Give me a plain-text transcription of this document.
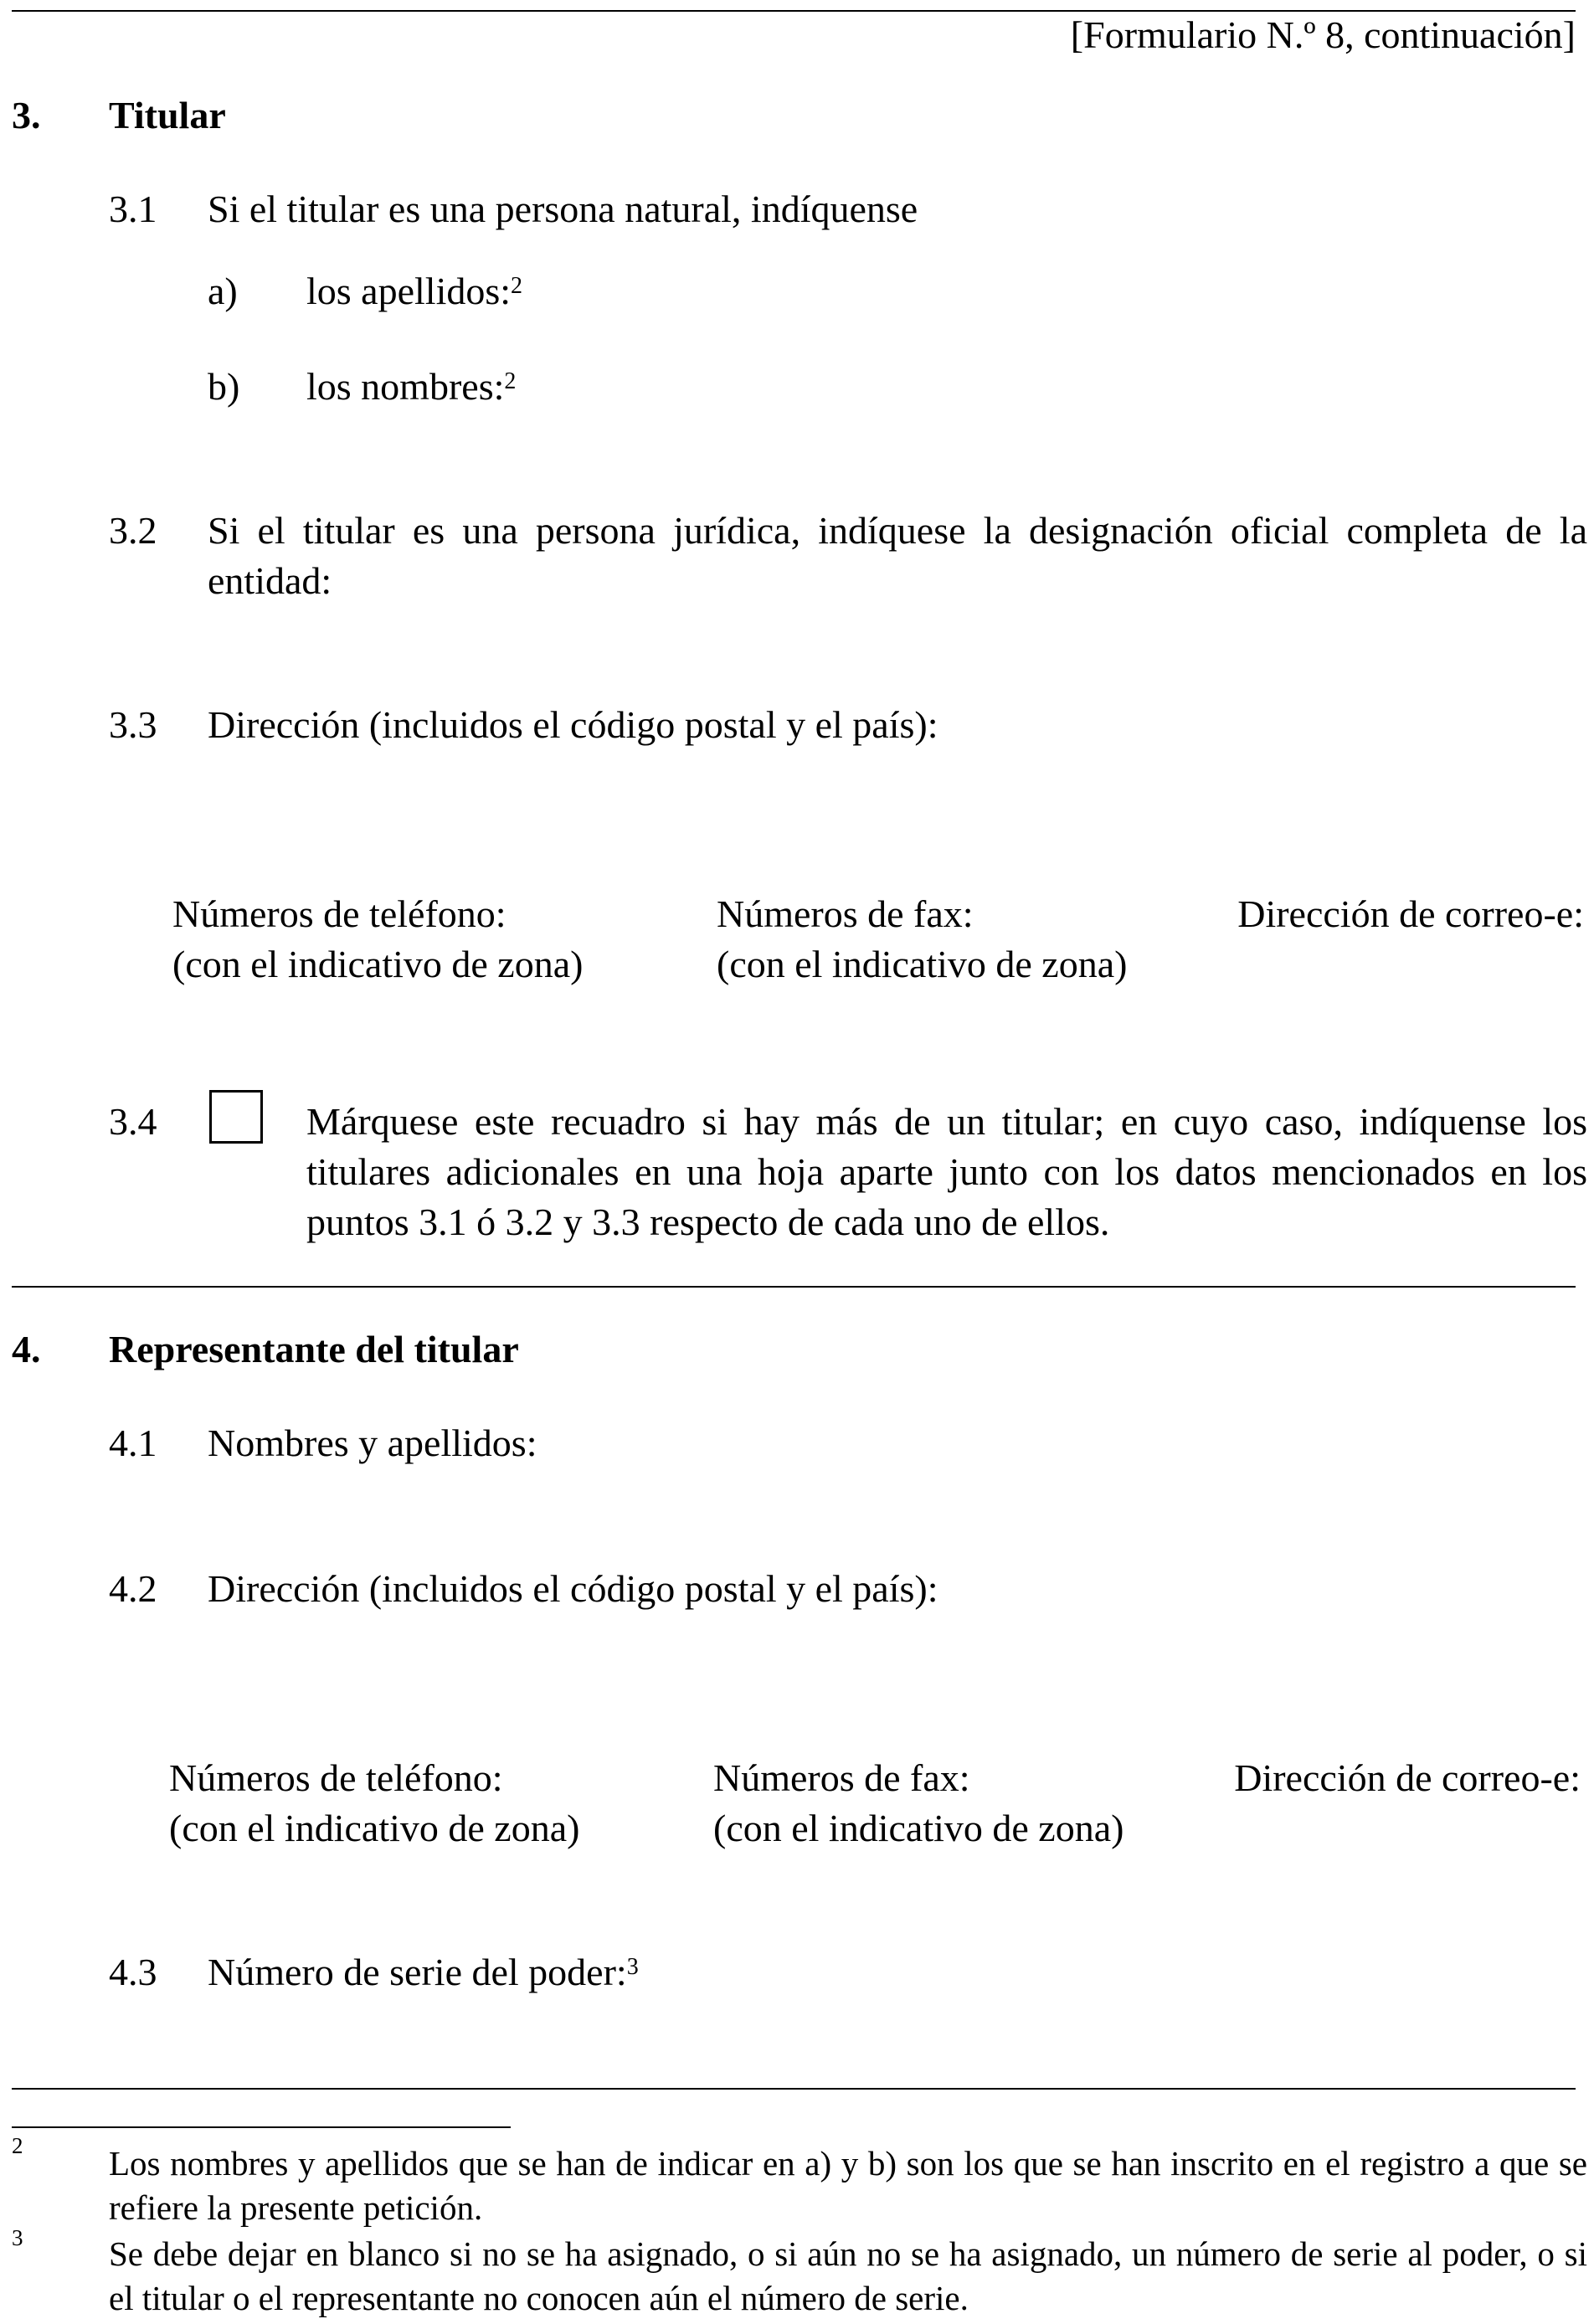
[Formulario N.º 8, continuación]
3. Titular
3.1 Si el titular es una persona natural, indíquense
a) los apellidos:$^2$
b) los nombres:$^2$
3.2 Si el titular es una persona jurídica, indíquese la designación oficial completa de la entidad:
3.3 Dirección (incluidos el código postal y el país):
Números de teléfono:
(con el indicativo de zona)
Números de fax:
(con el indicativo de zona)
Dirección de correo-e:
3.4	Márquese este recuadro si hay más de un titular; en cuyo caso, indíquense los titulares adicionales en una hoja aparte junto con los datos mencionados en los puntos 3.1 ó 3.2 y 3.3 respecto de cada uno de ellos.
4. Representante del titular
4.1 Nombres y apellidos:
4.2 Dirección (incluidos el código postal y el país):
Números de teléfono:
(con el indicativo de zona)
Números de fax:
(con el indicativo de zona)
Dirección de correo-e:
4.3 Número de serie del poder:$^3$
2	Los nombres y apellidos que se han de indicar en a) y b) son los que se han inscrito en el registro a que se refiere la presente petición.
3	Se debe dejar en blanco si no se ha asignado, o si aún no se ha asignado, un número de serie al poder, o si el titular o el representante no conocen aún el número de serie.
